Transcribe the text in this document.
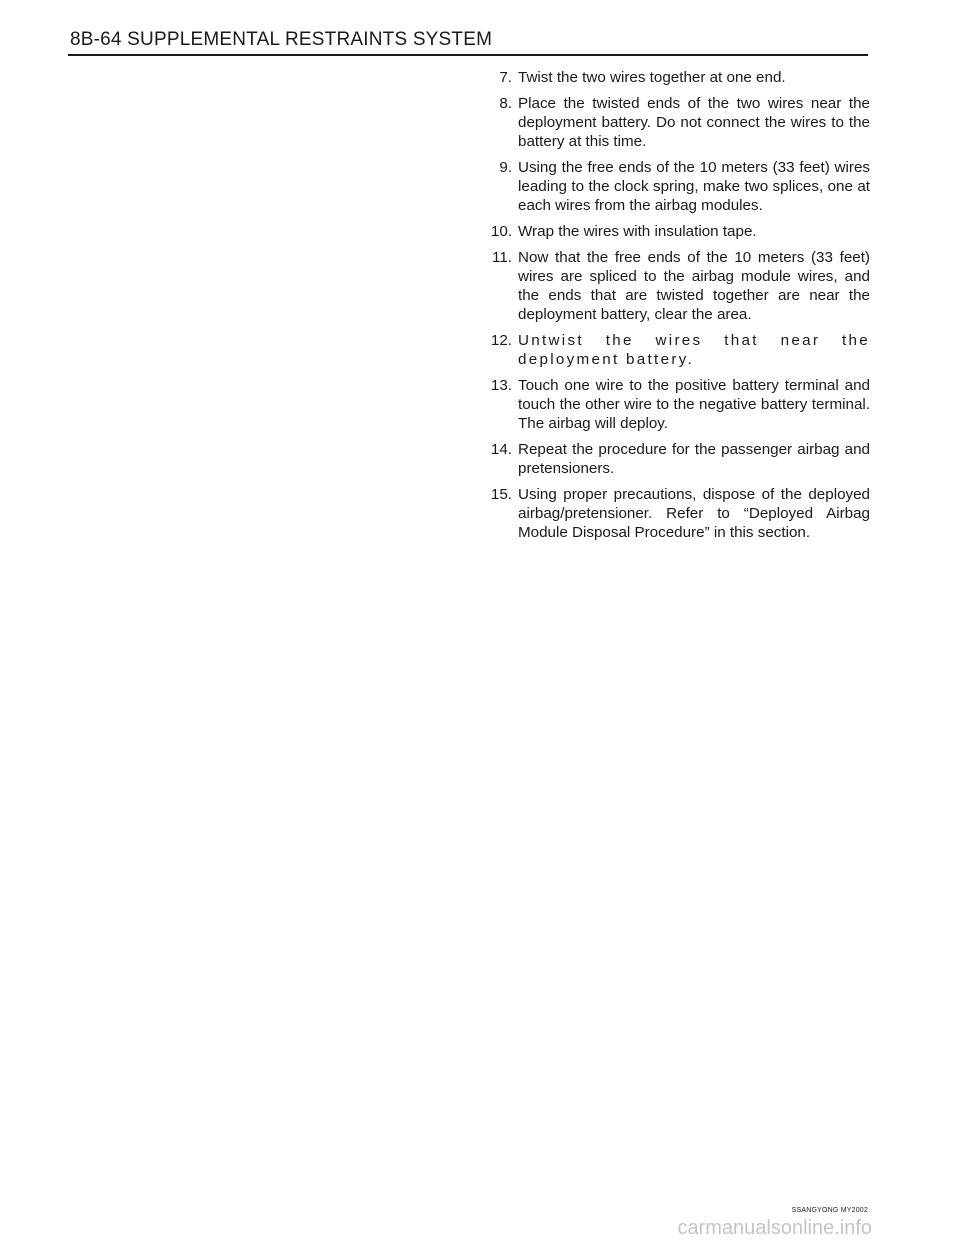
8B-64 SUPPLEMENTAL RESTRAINTS SYSTEM
7. Twist the two wires together at one end.
8. Place the twisted ends of the two wires near the deployment battery. Do not connect the wires to the battery at this time.
9. Using the free ends of the 10 meters (33 feet) wires leading to the clock spring, make two splices, one at each wires from the airbag modules.
10. Wrap the wires with insulation tape.
11. Now that the free ends of the 10 meters (33 feet) wires are spliced to the airbag module wires, and the ends that are twisted together are near the deployment battery, clear the area.
12. Untwist the wires that near the deployment battery.
13. Touch one wire to the positive battery terminal and touch the other wire to the negative battery terminal. The airbag will deploy.
14. Repeat the procedure for the passenger airbag and pretensioners.
15. Using proper precautions, dispose of the deployed airbag/pretensioner. Refer to “Deployed Airbag Module Disposal Procedure” in this section.
SSANGYONG MY2002
carmanualsonline.info
